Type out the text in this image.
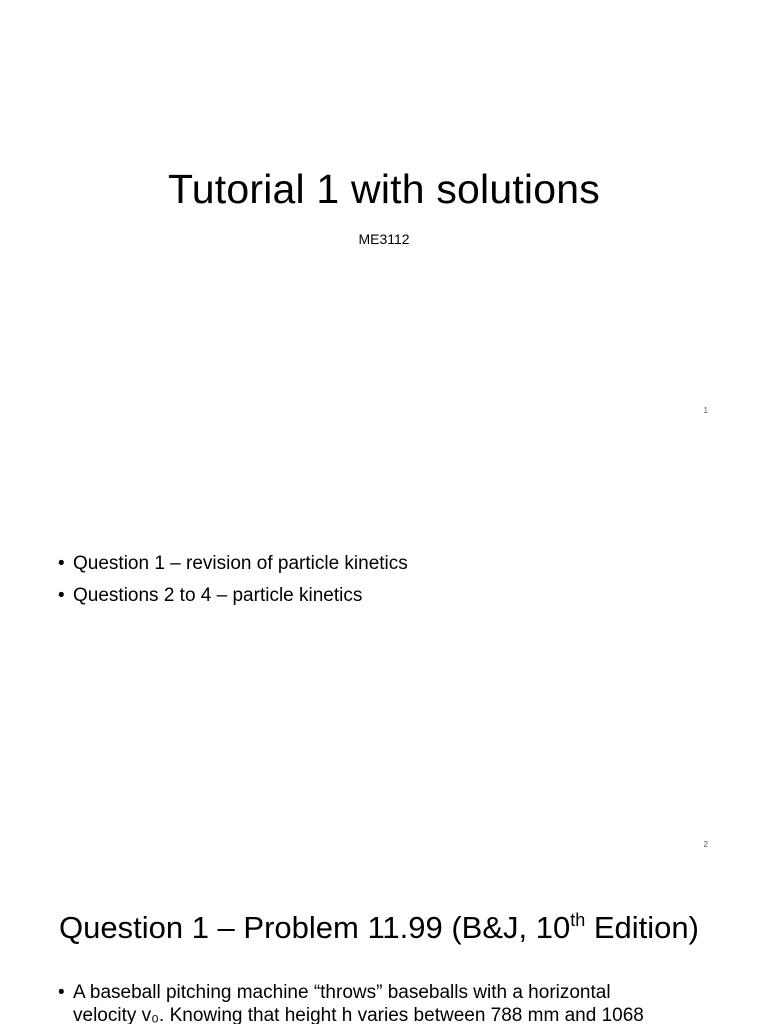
Tutorial 1 with solutions
ME3112
1
• Question 1 – revision of particle kinetics
• Questions 2 to 4 – particle kinetics
2
Question 1 – Problem 11.99 (B&J, 10th Edition)
• A baseball pitching machine “throws” baseballs with a horizontal
velocity v₀. Knowing that height h varies between 788 mm and 1068
